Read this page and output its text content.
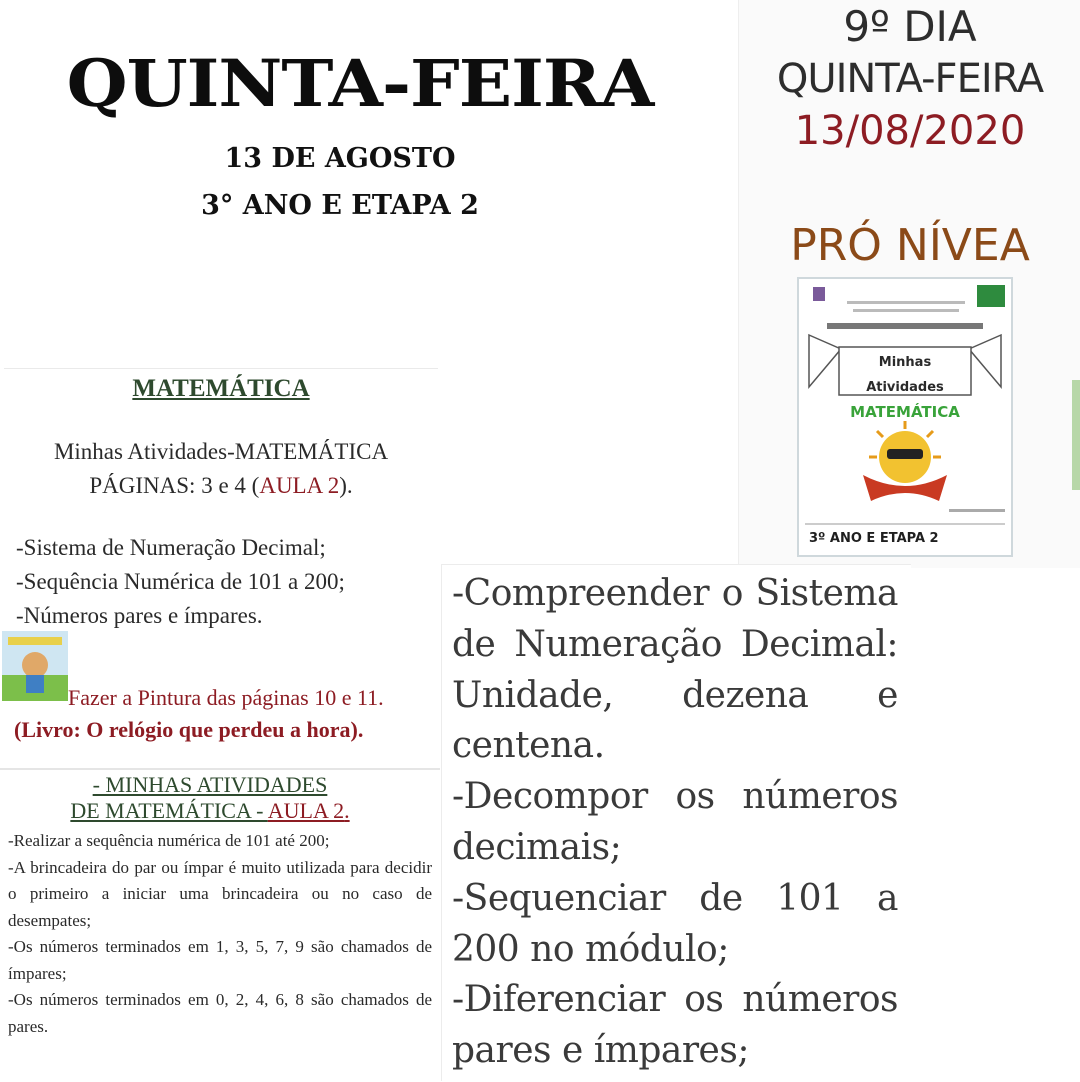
QUINTA-FEIRA
13 DE AGOSTO
3° ANO E ETAPA 2
9º DIA
QUINTA-FEIRA
13/08/2020
PRÓ NÍVEA
Minhas
Atividades
MATEMÁTICA
3º ANO E ETAPA 2
MATEMÁTICA
Minhas Atividades-MATEMÁTICA
PÁGINAS: 3 e 4 (AULA 2).
-Sistema de Numeração Decimal;
-Sequência Numérica de 101 a 200;
-Números pares e ímpares.
Fazer a Pintura das páginas 10 e 11.
(Livro: O relógio que perdeu a hora).
- MINHAS ATIVIDADES
DE MATEMÁTICA - AULA 2.

-Realizar a sequência numérica de 101 até 200;

-A brincadeira do par ou ímpar é muito utilizada para decidir o primeiro a iniciar uma brincadeira ou no caso de desempates;

-Os números terminados em 1, 3, 5, 7, 9 são chamados de ímpares;

-Os números terminados em 0, 2, 4, 6, 8 são chamados de pares.

-Compreender o Sistema de Numeração Decimal: Unidade, dezena e centena.

-Decompor os números decimais;

-Sequenciar de 101 a 200 no módulo;

-Diferenciar os números pares e ímpares;
